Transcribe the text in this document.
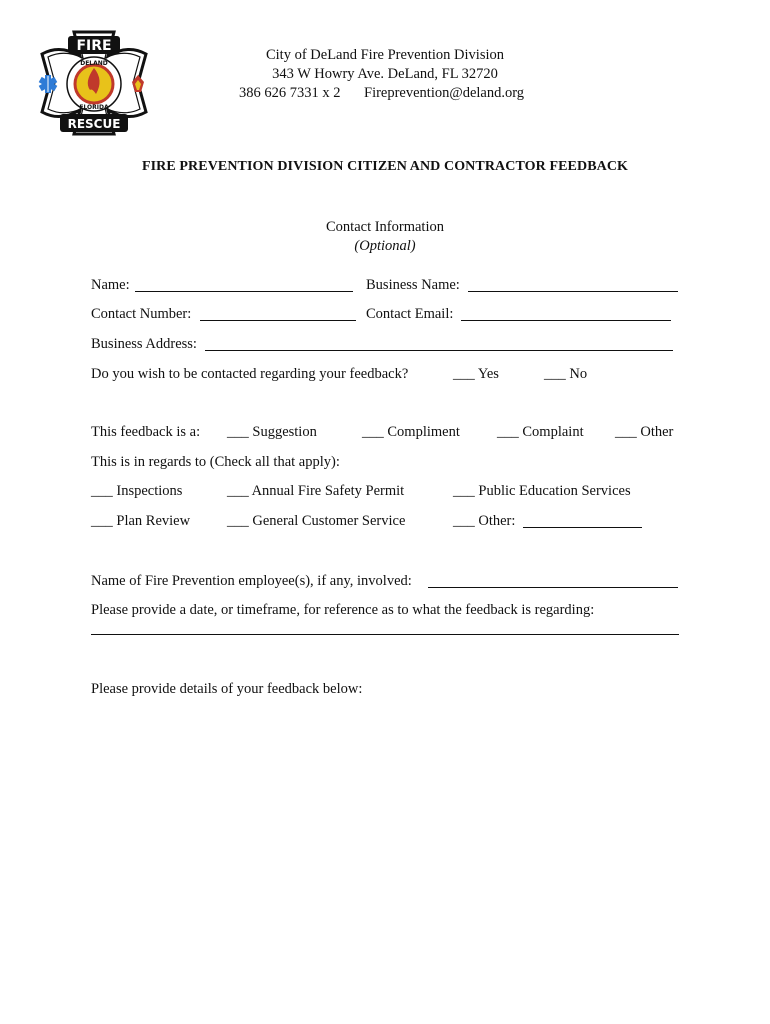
FIRE
RESCUE
DELAND
FLORIDA
City of DeLand Fire Prevention Division
343 W Howry Ave. DeLand, FL 32720
386 626 7331 x 2 Fireprevention@deland.org
FIRE PREVENTION DIVISION CITIZEN AND CONTRACTOR FEEDBACK
Contact Information
(Optional)
Name:	Business Name:
Contact Number:	Contact Email:
Business Address:
Do you wish to be contacted regarding your feedback?	___ Yes	___ No
This feedback is a: ___ Suggestion	___ Compliment	___ Complaint ___ Other
This is in regards to (Check all that apply):
___ Inspections	___ Annual Fire Safety Permit	___ Public Education Services
___ Plan Review	___ General Customer Service	___ Other:
Name of Fire Prevention employee(s), if any, involved:
Please provide a date, or timeframe, for reference as to what the feedback is regarding:
Please provide details of your feedback below:
